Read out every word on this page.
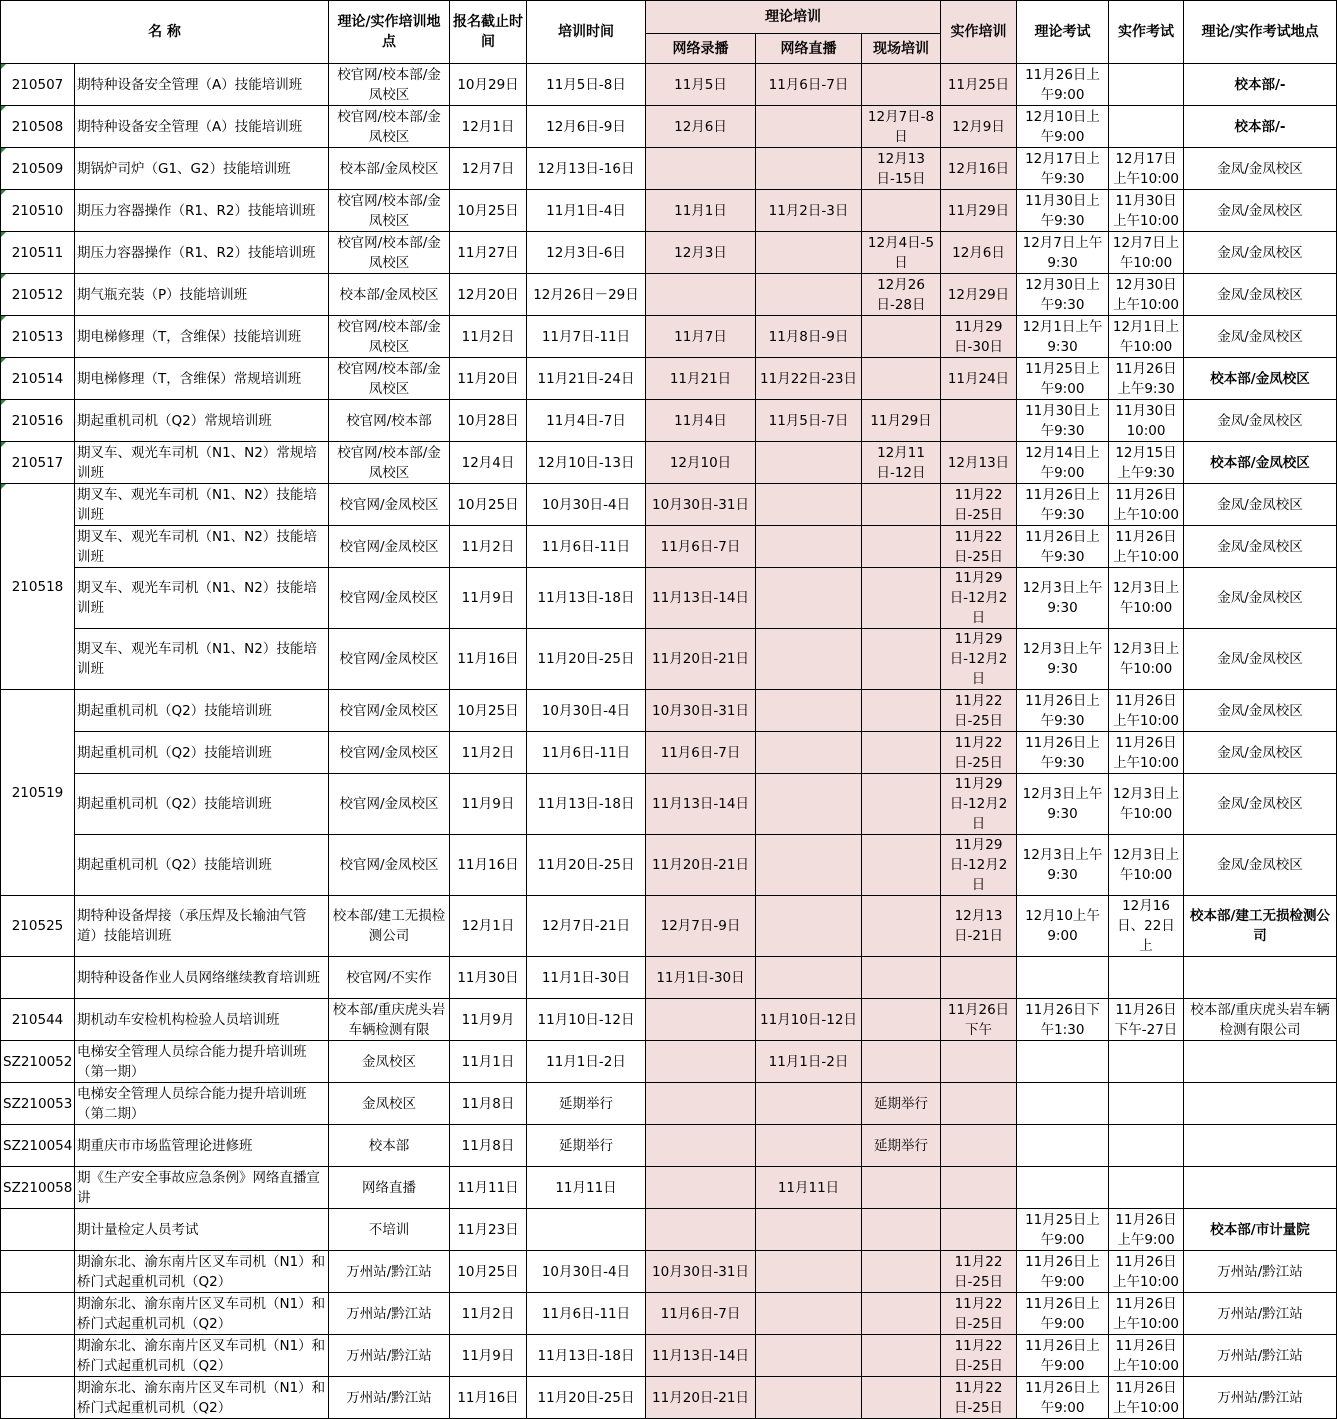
名 称		理论/实作培训地点	报名截止时间	培训时间	理论培训			实作培训	理论考试	实作考试	理论/实作考试地点
					网络录播	网络直播	现场培训				
210507	期特种设备安全管理（A）技能培训班	校官网/校本部/金凤校区	10月29日	11月5日-8日	11月5日	11月6日-7日		11月25日	11月26日上午9:00		校本部/-
210508	期特种设备安全管理（A）技能培训班	校官网/校本部/金凤校区	12月1日	12月6日-9日	12月6日		12月7日-8日	12月9日	12月10日上午9:00		校本部/-
210509	期锅炉司炉（G1、G2）技能培训班	校本部/金凤校区	12月7日	12月13日-16日			12月13日-15日	12月16日	12月17日上午9:30	12月17日上午10:00	金凤/金凤校区
210510	期压力容器操作（R1、R2）技能培训班	校官网/校本部/金凤校区	10月25日	11月1日-4日	11月1日	11月2日-3日		11月29日	11月30日上午9:30	11月30日上午10:00	金凤/金凤校区
210511	期压力容器操作（R1、R2）技能培训班	校官网/校本部/金凤校区	11月27日	12月3日-6日	12月3日		12月4日-5日	12月6日	12月7日上午9:30	12月7日上午10:00	金凤/金凤校区
210512	期气瓶充装（P）技能培训班	校本部/金凤校区	12月20日	12月26日－29日			12月26日-28日	12月29日	12月30日上午9:30	12月30日上午10:00	金凤/金凤校区
210513	期电梯修理（T，含维保）技能培训班	校官网/校本部/金凤校区	11月2日	11月7日-11日	11月7日	11月8日-9日		11月29日-30日	12月1日上午9:30	12月1日上午10:00	金凤/金凤校区
210514	期电梯修理（T，含维保）常规培训班	校官网/校本部/金凤校区	11月20日	11月21日-24日	11月21日	11月22日-23日		11月24日	11月25日上午9:00	11月26日上午9:30	校本部/金凤校区
210516	期起重机司机（Q2）常规培训班	校官网/校本部	10月28日	11月4日-7日	11月4日	11月5日-7日	11月29日		11月30日上午9:30	11月30日10:00	金凤/金凤校区
210517	期叉车、观光车司机（N1、N2）常规培训班	校官网/校本部/金凤校区	12月4日	12月10日-13日	12月10日		12月11日-12日	12月13日	12月14日上午9:00	12月15日上午9:30	校本部/金凤校区
210518	期叉车、观光车司机（N1、N2）技能培训班	校官网/金凤校区	10月25日	10月30日-4日	10月30日-31日			11月22日-25日	11月26日上午9:30	11月26日上午10:00	金凤/金凤校区
	期叉车、观光车司机（N1、N2）技能培训班	校官网/金凤校区	11月2日	11月6日-11日	11月6日-7日			11月22日-25日	11月26日上午9:30	11月26日上午10:00	金凤/金凤校区
	期叉车、观光车司机（N1、N2）技能培训班	校官网/金凤校区	11月9日	11月13日-18日	11月13日-14日			11月29日-12月2日	12月3日上午9:30	12月3日上午10:00	金凤/金凤校区
	期叉车、观光车司机（N1、N2）技能培训班	校官网/金凤校区	11月16日	11月20日-25日	11月20日-21日			11月29日-12月2日	12月3日上午9:30	12月3日上午10:00	金凤/金凤校区
210519	期起重机司机（Q2）技能培训班	校官网/金凤校区	10月25日	10月30日-4日	10月30日-31日			11月22日-25日	11月26日上午9:30	11月26日上午10:00	金凤/金凤校区
	期起重机司机（Q2）技能培训班	校官网/金凤校区	11月2日	11月6日-11日	11月6日-7日			11月22日-25日	11月26日上午9:30	11月26日上午10:00	金凤/金凤校区
	期起重机司机（Q2）技能培训班	校官网/金凤校区	11月9日	11月13日-18日	11月13日-14日			11月29日-12月2日	12月3日上午9:30	12月3日上午10:00	金凤/金凤校区
	期起重机司机（Q2）技能培训班	校官网/金凤校区	11月16日	11月20日-25日	11月20日-21日			11月29日-12月2日	12月3日上午9:30	12月3日上午10:00	金凤/金凤校区
210525	期特种设备焊接（承压焊及长输油气管道）技能培训班	校本部/建工无损检测公司	12月1日	12月7日-21日	12月7日-9日			12月13日-21日	12月10上午9:00	12月16日、22日上	校本部/建工无损检测公司
	期特种设备作业人员网络继续教育培训班	校官网/不实作	11月30日	11月1日-30日	11月1日-30日						
210544	期机动车安检机构检验人员培训班	校本部/重庆虎头岩车辆检测有限	11月9月	11月10日-12日		11月10日-12日		11月26日下午	11月26日下午1:30	11月26日下午-27日	校本部/重庆虎头岩车辆检测有限公司
SZ210052	电梯安全管理人员综合能力提升培训班（第一期）	金凤校区	11月1日	11月1日-2日		11月1日-2日					
SZ210053	电梯安全管理人员综合能力提升培训班（第二期）	金凤校区	11月8日	延期举行			延期举行				
SZ210054	期重庆市市场监管理论进修班	校本部	11月8日	延期举行			延期举行				
SZ210058	期《生产安全事故应急条例》网络直播宣讲	网络直播	11月11日	11月11日		11月11日					
	期计量检定人员考试	不培训	11月23日						11月25日上午9:00	11月26日上午9:00	校本部/市计量院
	期渝东北、渝东南片区叉车司机（N1）和桥门式起重机司机（Q2）	万州站/黔江站	10月25日	10月30日-4日	10月30日-31日			11月22日-25日	11月26日上午9:00	11月26日上午10:00	万州站/黔江站
	期渝东北、渝东南片区叉车司机（N1）和桥门式起重机司机（Q2）	万州站/黔江站	11月2日	11月6日-11日	11月6日-7日			11月22日-25日	11月26日上午9:00	11月26日上午10:00	万州站/黔江站
	期渝东北、渝东南片区叉车司机（N1）和桥门式起重机司机（Q2）	万州站/黔江站	11月9日	11月13日-18日	11月13日-14日			11月22日-25日	11月26日上午9:00	11月26日上午10:00	万州站/黔江站
	期渝东北、渝东南片区叉车司机（N1）和桥门式起重机司机（Q2）	万州站/黔江站	11月16日	11月20日-25日	11月20日-21日			11月22日-25日	11月26日上午9:00	11月26日上午10:00	万州站/黔江站
